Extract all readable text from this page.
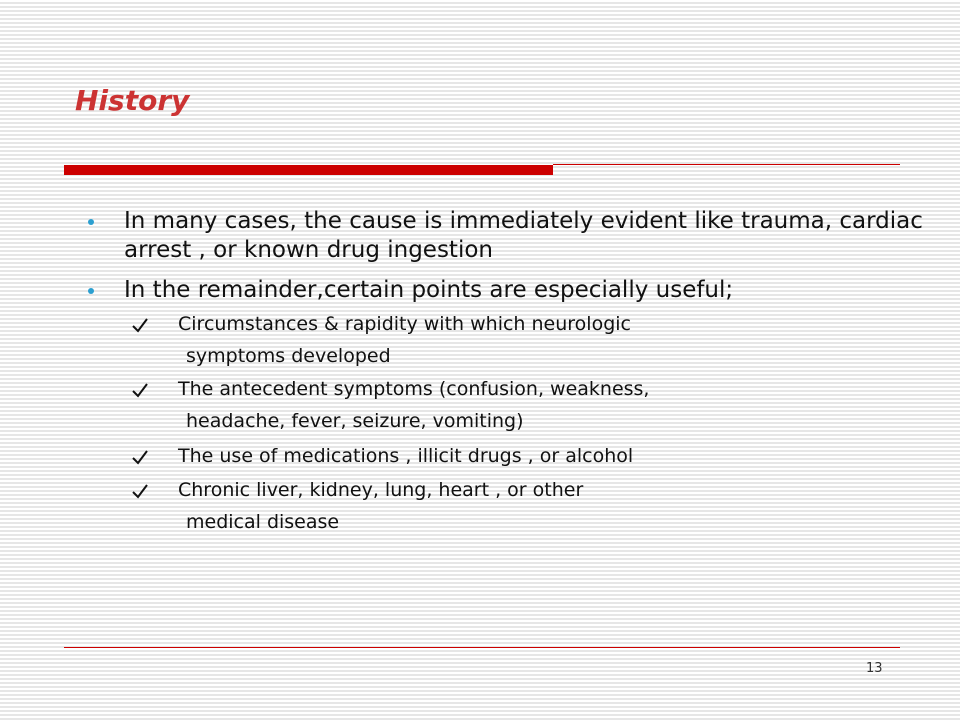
History
In many cases, the cause is immediately evident like trauma, cardiac arrest , or known drug ingestion
In the remainder,certain points are especially useful;
Circumstances & rapidity with which neurologic
symptoms developed
The antecedent symptoms (confusion, weakness,
headache, fever, seizure, vomiting)
The use of medications , illicit drugs , or alcohol
Chronic liver, kidney, lung, heart , or other
medical disease
13
